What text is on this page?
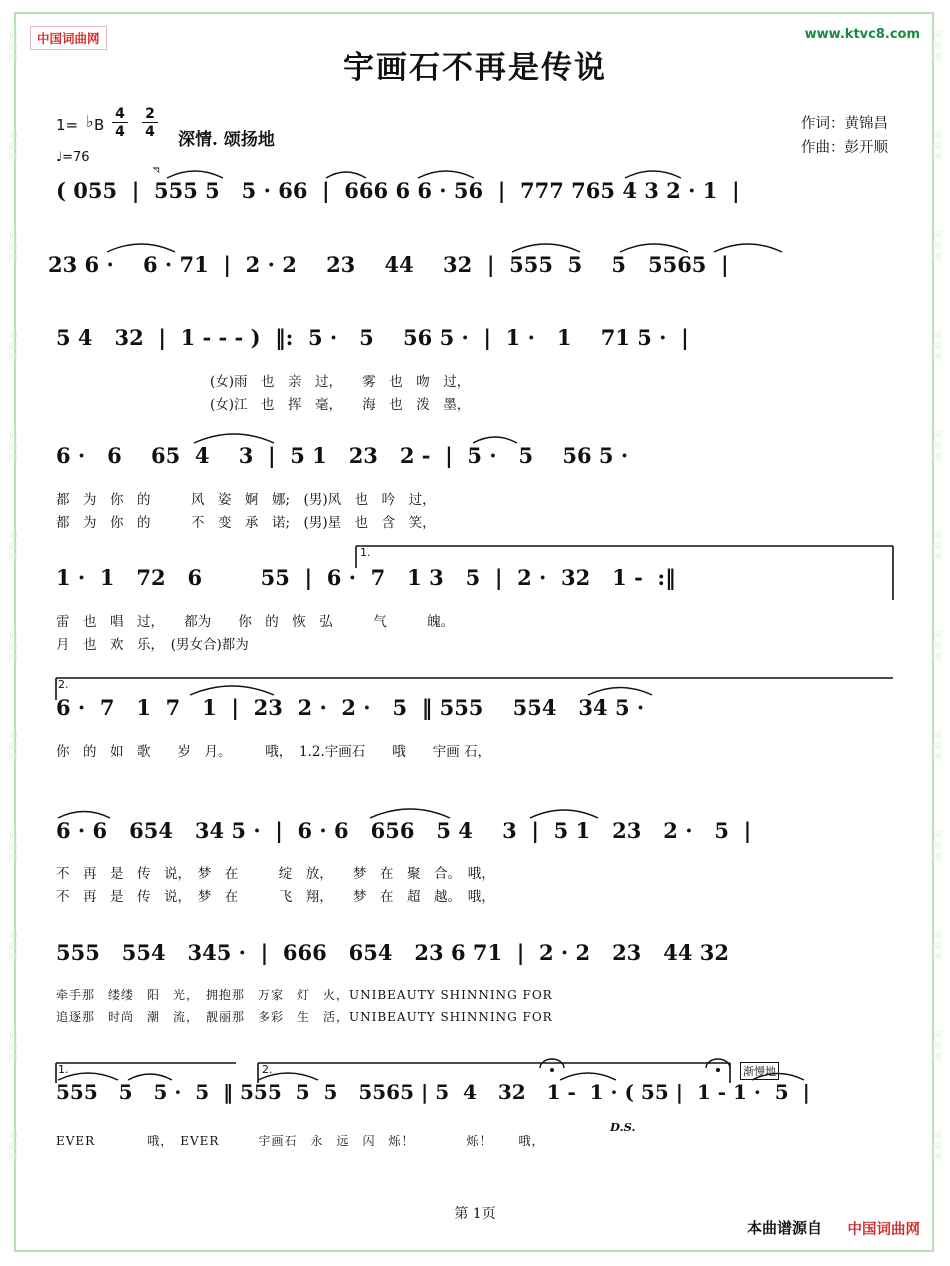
词
曲
网
词
曲
网
词
曲
网
词
曲
网
词
曲
网
词
曲
网
词
曲
网
词
曲
网
词
曲
网
词
曲
网
词
曲
网
词
曲
网
词
曲
网
词
曲
网
词
曲
网
词
曲
网
词
曲
网
词
曲
网
词
曲
网
词
曲
网
词
曲
网
词
曲
网
词
曲
网
词
曲
网
中国词曲网	www.ktvc8.com
宇画石不再是传说
1= ♭ B
4
4
2
4
♩=76
深情. 颂扬地
作词：黄锦昌
作曲：彭开顺
𝅐
( 055  |  555 5   5 · 66  |  666 6 6 · 56  |  777 765 4 3 2 · 1  |
23 6 ·    6 · 71  |  2 · 2    23    44    32  |  555  5    5   5565  |
5 4   32  |  1 - - - )  ‖:  5 ·   5    56 5 ·  |  1 ·   1    71 5 ·  |
(女)雨　也　亲　过，　　雾　也　吻　过，
(女)江　也　挥　毫，　　海　也　泼　墨，
6 ·   6    65  4    3  |  5 1   23   2 -  |  5 ·   5    56 5 ·
都　为　你　的　　　风　姿　婀　娜;　(男)风　也　吟　过，
都　为　你　的　　　不　变　承　诺;　(男)星　也　含　笑，
1 ·  1   72   6        55  |  6 ·  7   1 3   5  |  2 ·  32   1 -  :‖
雷　也　唱　过，　　都为　　你　的　恢　弘　　　气　　　魄。
月　也　欢　乐，　(男女合)都为
1.
6 ·  7   1  7   1  |  23  2 ·  2 ·   5  ‖ 555    554   34 5 ·
你　的　如　歌　　岁　月。　　　哦，　1.2.宇画石　　哦　　宇画 石，
2.
6 · 6   654   34 5 ·  |  6 · 6   656   5 4    3  |  5 1   23   2 ·   5  |
不　再　是　传　说，　梦　在　　　绽　放，　　梦　在　聚　合。　哦，
不　再　是　传　说，　梦　在　　　飞　翔，　　梦　在　超　越。　哦，
555   554   345 ·  |  666   654   23 6 71  |  2 · 2   23   44 32
牵手那　缕缕　阳　光，　拥抱那　万家　灯　火，UNIBEAUTY SHINNING FOR
追逐那　时尚　潮　流，　靓丽那　多彩　生　活，UNIBEAUTY SHINNING FOR
555   5   5 ·  5  ‖ 555  5  5   5565 | 5  4   32   1 -  1 · ( 55 |  1 - 1 ·  5  |
EVER　　　　哦，　EVER　　　宇画石　永　远　闪　烁！　　　　烁！　　哦，
1.	2.
D.S.
渐慢地
第 1页
本曲谱源自 中国词曲网
